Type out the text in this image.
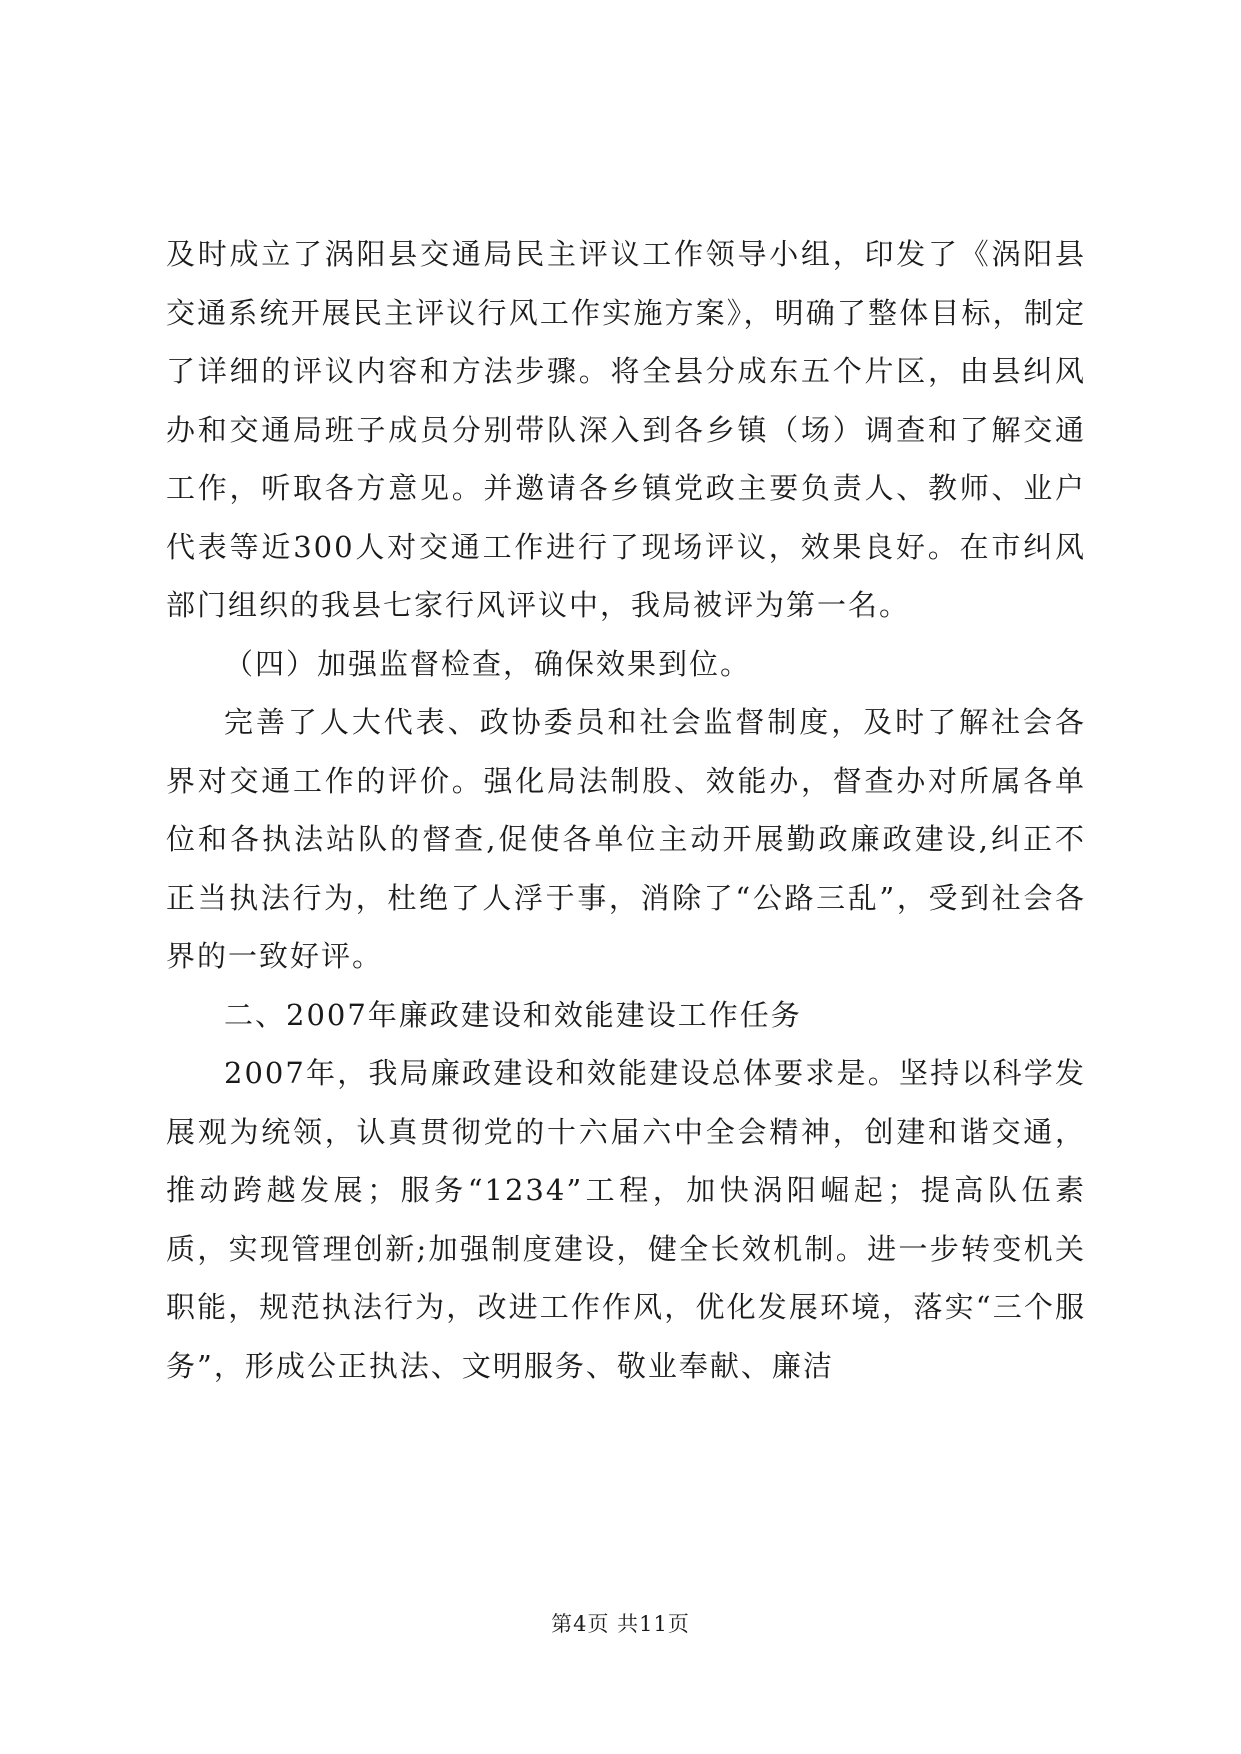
及时成立了涡阳县交通局民主评议工作领导小组，印发了《涡阳县交通系统开展民主评议行风工作实施方案》，明确了整体目标，制定了详细的评议内容和方法步骤。将全县分成东五个片区，由县纠风办和交通局班子成员分别带队深入到各乡镇（场）调查和了解交通工作，听取各方意见。并邀请各乡镇党政主要负责人、教师、业户代表等近300人对交通工作进行了现场评议，效果良好。在市纠风部门组织的我县七家行风评议中，我局被评为第一名。

（四）加强监督检查，确保效果到位。

完善了人大代表、政协委员和社会监督制度，及时了解社会各界对交通工作的评价。强化局法制股、效能办，督查办对所属各单位和各执法站队的督查,促使各单位主动开展勤政廉政建设,纠正不正当执法行为，杜绝了人浮于事，消除了“公路三乱”，受到社会各界的一致好评。

二、2007年廉政建设和效能建设工作任务

2007年，我局廉政建设和效能建设总体要求是。坚持以科学发展观为统领，认真贯彻党的十六届六中全会精神，创建和谐交通，推动跨越发展；服务“1234”工程，加快涡阳崛起；提高队伍素质，实现管理创新;加强制度建设，健全长效机制。进一步转变机关职能，规范执法行为，改进工作作风，优化发展环境，落实“三个服务”，形成公正执法、文明服务、敬业奉献、廉洁

第4页 共11页
